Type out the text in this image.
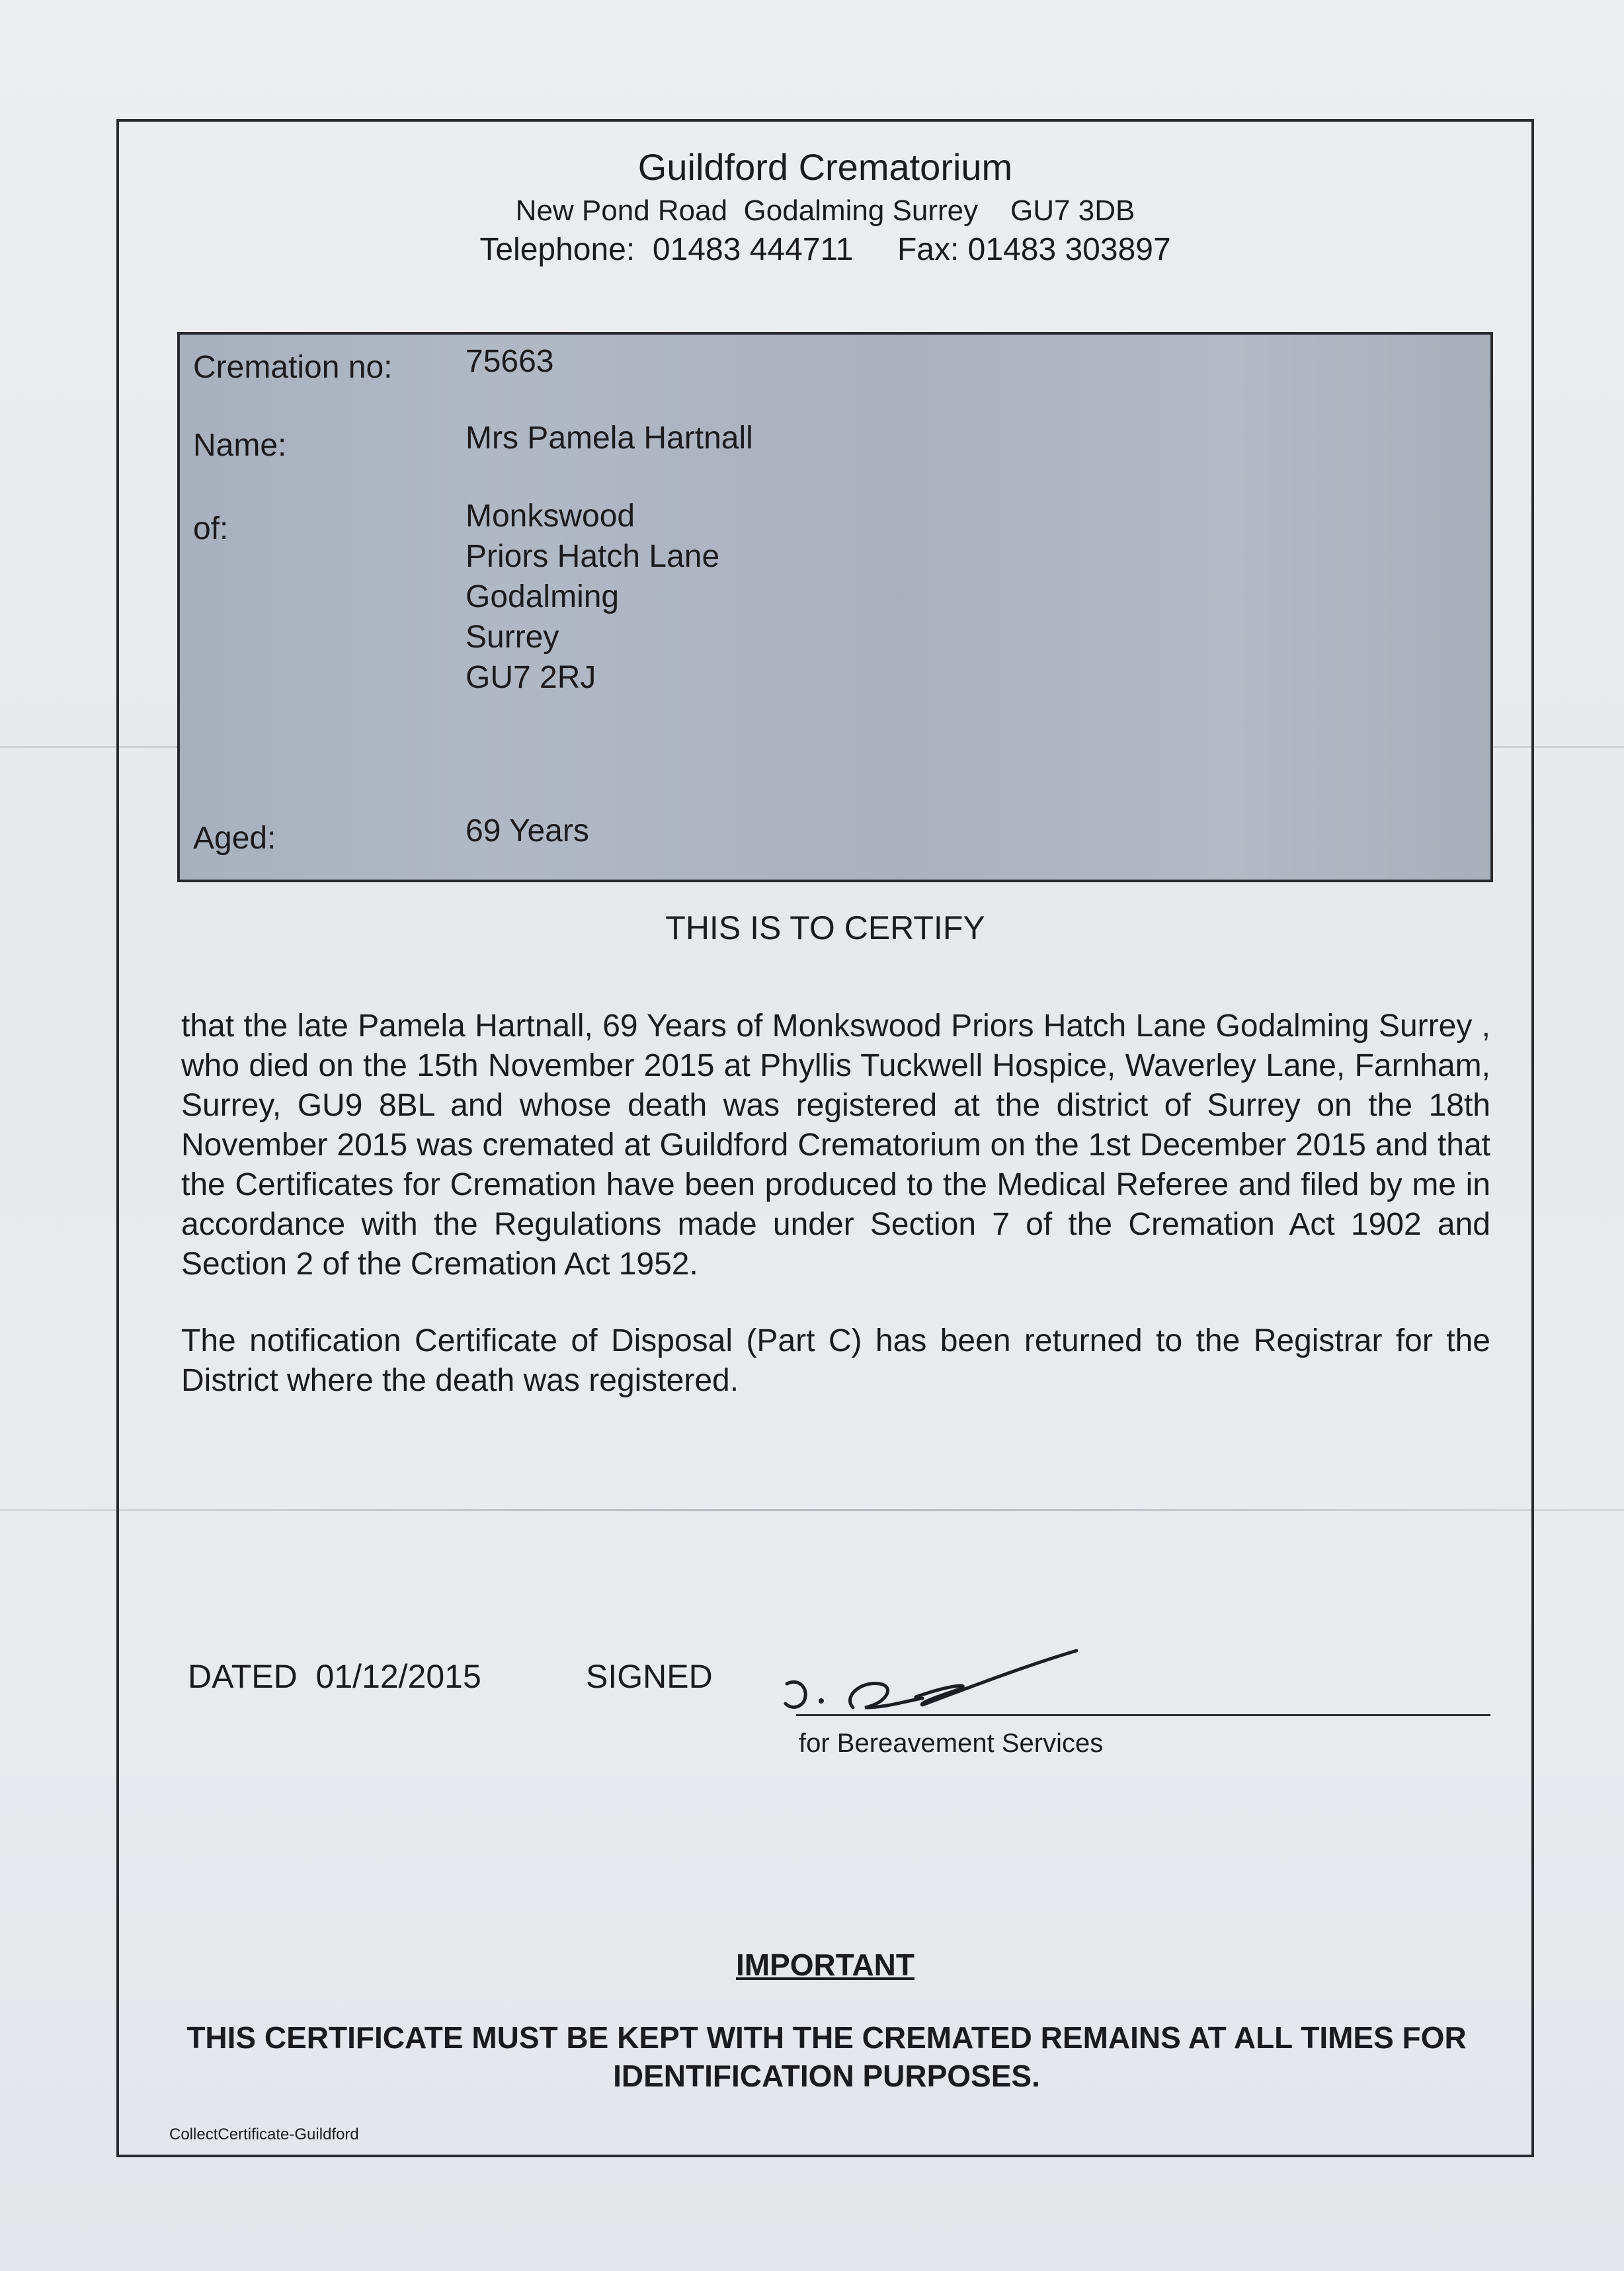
Guildford Crematorium
New Pond Road  Godalming Surrey    GU7 3DB
Telephone:  01483 444711     Fax: 01483 303897
Cremation no: 75663
Name:	Mrs Pamela Hartnall
of:	Monkswood
Priors Hatch Lane
Godalming
Surrey
GU7 2RJ
Aged:	69 Years
THIS IS TO CERTIFY
that the late Pamela Hartnall, 69 Years of Monkswood Priors Hatch Lane Godalming Surrey , who died on the 15th November 2015 at Phyllis Tuckwell Hospice, Waverley Lane, Farnham, Surrey, GU9 8BL and whose death was registered at the district of Surrey on the 18th November 2015 was cremated at Guildford Crematorium on the 1st December 2015 and that the Certificates for Cremation have been produced to the Medical Referee and filed by me in accordance with the Regulations made under Section 7 of the Cremation Act 1902 and Section 2 of the Cremation Act 1952.
The notification Certificate of Disposal (Part C) has been returned to the Registrar for the District where the death was registered.
DATED  01/12/2015	SIGNED
for Bereavement Services
IMPORTANT
THIS CERTIFICATE MUST BE KEPT WITH THE CREMATED REMAINS AT ALL TIMES FOR IDENTIFICATION PURPOSES.
CollectCertificate-Guildford
